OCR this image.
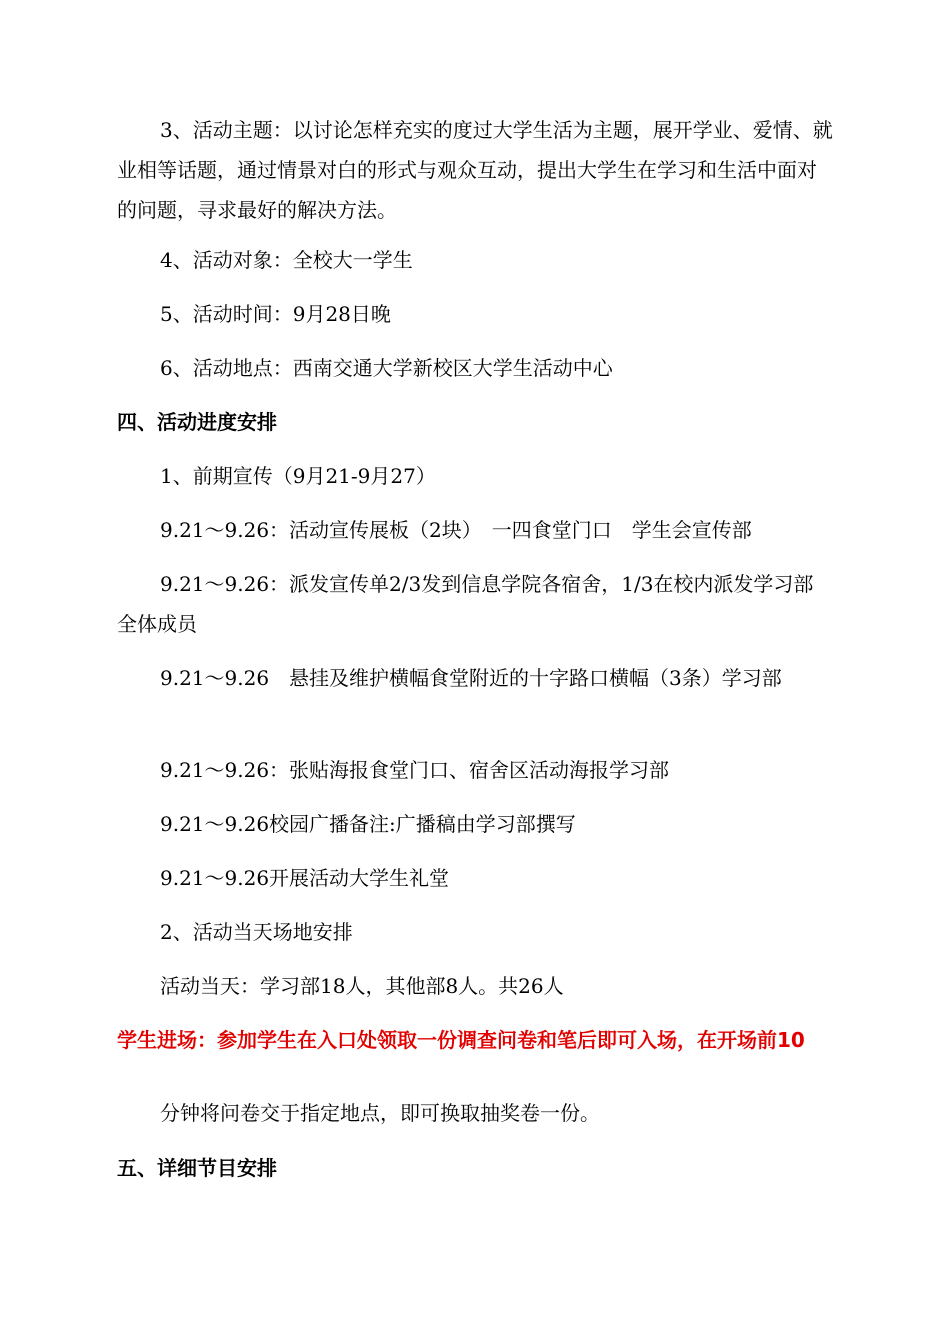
3、活动主题：以讨论怎样充实的度过大学生活为主题，展开学业、爱情、就业相等话题，通过情景对白的形式与观众互动，提出大学生在学习和生活中面对的问题，寻求最好的解决方法。
4、活动对象：全校大一学生
5、活动时间：9月28日晚
6、活动地点：西南交通大学新校区大学生活动中心
四、活动进度安排
1、前期宣传（9月21-9月27）
9.21～9.26：活动宣传展板（2块）　一四食堂门口　学生会宣传部
9.21～9.26：派发宣传单2/3发到信息学院各宿舍，1/3在校内派发学习部全体成员
9.21～9.26　悬挂及维护横幅食堂附近的十字路口横幅（3条）学习部
9.21～9.26：张贴海报食堂门口、宿舍区活动海报学习部
9.21～9.26校园广播备注:广播稿由学习部撰写
9.21～9.26开展活动大学生礼堂
2、活动当天场地安排
活动当天：学习部18人，其他部8人。共26人
学生进场：参加学生在入口处领取一份调查问卷和笔后即可入场，在开场前10
分钟将问卷交于指定地点，即可换取抽奖卷一份。
五、详细节目安排
